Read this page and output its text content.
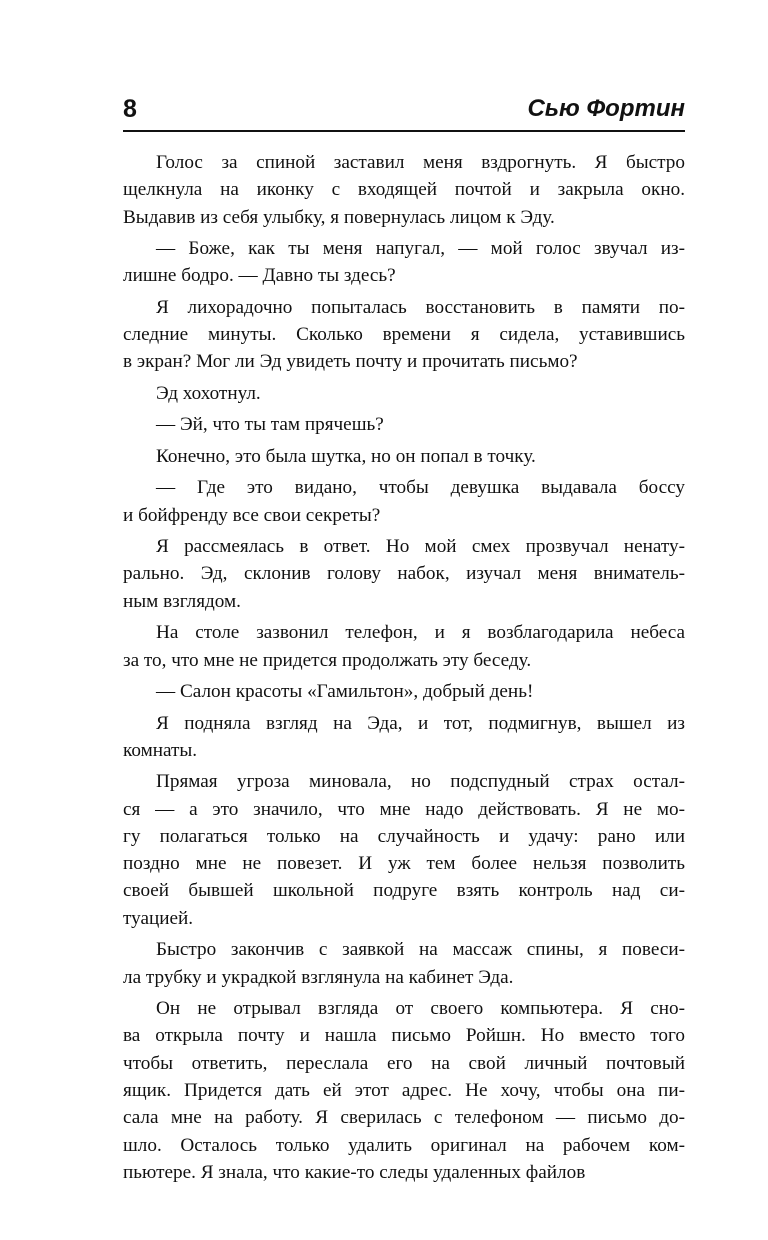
8	Сью Фортин

Голос за спиной заставил меня вздрогнуть. Я быстро
щелкнула на иконку с входящей почтой и закрыла окно.
Выдавив из себя улыбку, я повернулась лицом к Эду.

— Боже, как ты меня напугал, — мой голос звучал из-
лишне бодро. — Давно ты здесь?

Я лихорадочно попыталась восстановить в памяти по-
следние минуты. Сколько времени я сидела, уставившись
в экран? Мог ли Эд увидеть почту и прочитать письмо?

Эд хохотнул.

— Эй, что ты там прячешь?

Конечно, это была шутка, но он попал в точку.

— Где это видано, чтобы девушка выдавала боссу
и бойфренду все свои секреты?

Я рассмеялась в ответ. Но мой смех прозвучал ненату-
рально. Эд, склонив голову набок, изучал меня вниматель-
ным взглядом.

На столе зазвонил телефон, и я возблагодарила небеса
за то, что мне не придется продолжать эту беседу.

— Салон красоты «Гамильтон», добрый день!

Я подняла взгляд на Эда, и тот, подмигнув, вышел из
комнаты.

Прямая угроза миновала, но подспудный страх остал-
ся — а это значило, что мне надо действовать. Я не мо-
гу полагаться только на случайность и удачу: рано или
поздно мне не повезет. И уж тем более нельзя позволить
своей бывшей школьной подруге взять контроль над си-
туацией.

Быстро закончив с заявкой на массаж спины, я повеси-
ла трубку и украдкой взглянула на кабинет Эда.

Он не отрывал взгляда от своего компьютера. Я сно-
ва открыла почту и нашла письмо Ройшн. Но вместо того
чтобы ответить, переслала его на свой личный почтовый
ящик. Придется дать ей этот адрес. Не хочу, чтобы она пи-
сала мне на работу. Я сверилась с телефоном — письмо до-
шло. Осталось только удалить оригинал на рабочем ком-
пьютере. Я знала, что какие-то следы удаленных файлов
